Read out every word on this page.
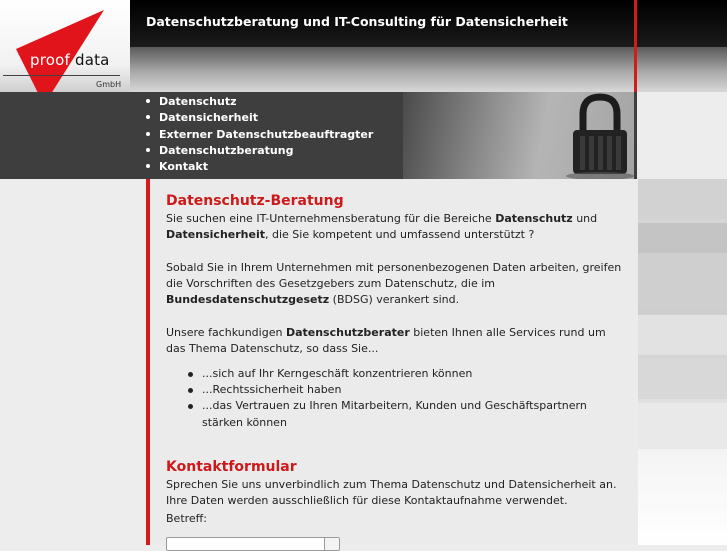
proof data
GmbH
Datenschutzberatung und IT-Consulting für Datensicherheit
Datenschutz
Datensicherheit
Externer Datenschutzbeauftragter
Datenschutzberatung
Kontakt
Datenschutz-Beratung

Sie suchen eine IT-Unternehmensberatung für die Bereiche Datenschutz und Datensicherheit, die Sie kompetent und umfassend unterstützt ?

Sobald Sie in Ihrem Unternehmen mit personenbezogenen Daten arbeiten, greifen die Vorschriften des Gesetzgebers zum Datenschutz, die im Bundesdatenschutzgesetz (BDSG) verankert sind.

Unsere fachkundigen Datenschutzberater bieten Ihnen alle Services rund um das Thema Datenschutz, so dass Sie...

...sich auf Ihr Kerngeschäft konzentrieren können
...Rechtssicherheit haben
...das Vertrauen zu Ihren Mitarbeitern, Kunden und Geschäftspartnern stärken können
Kontaktformular

Sprechen Sie uns unverbindlich zum Thema Datenschutz und Datensicherheit an. Ihre Daten werden ausschließlich für diese Kontaktaufnahme verwendet.

Betreff:
